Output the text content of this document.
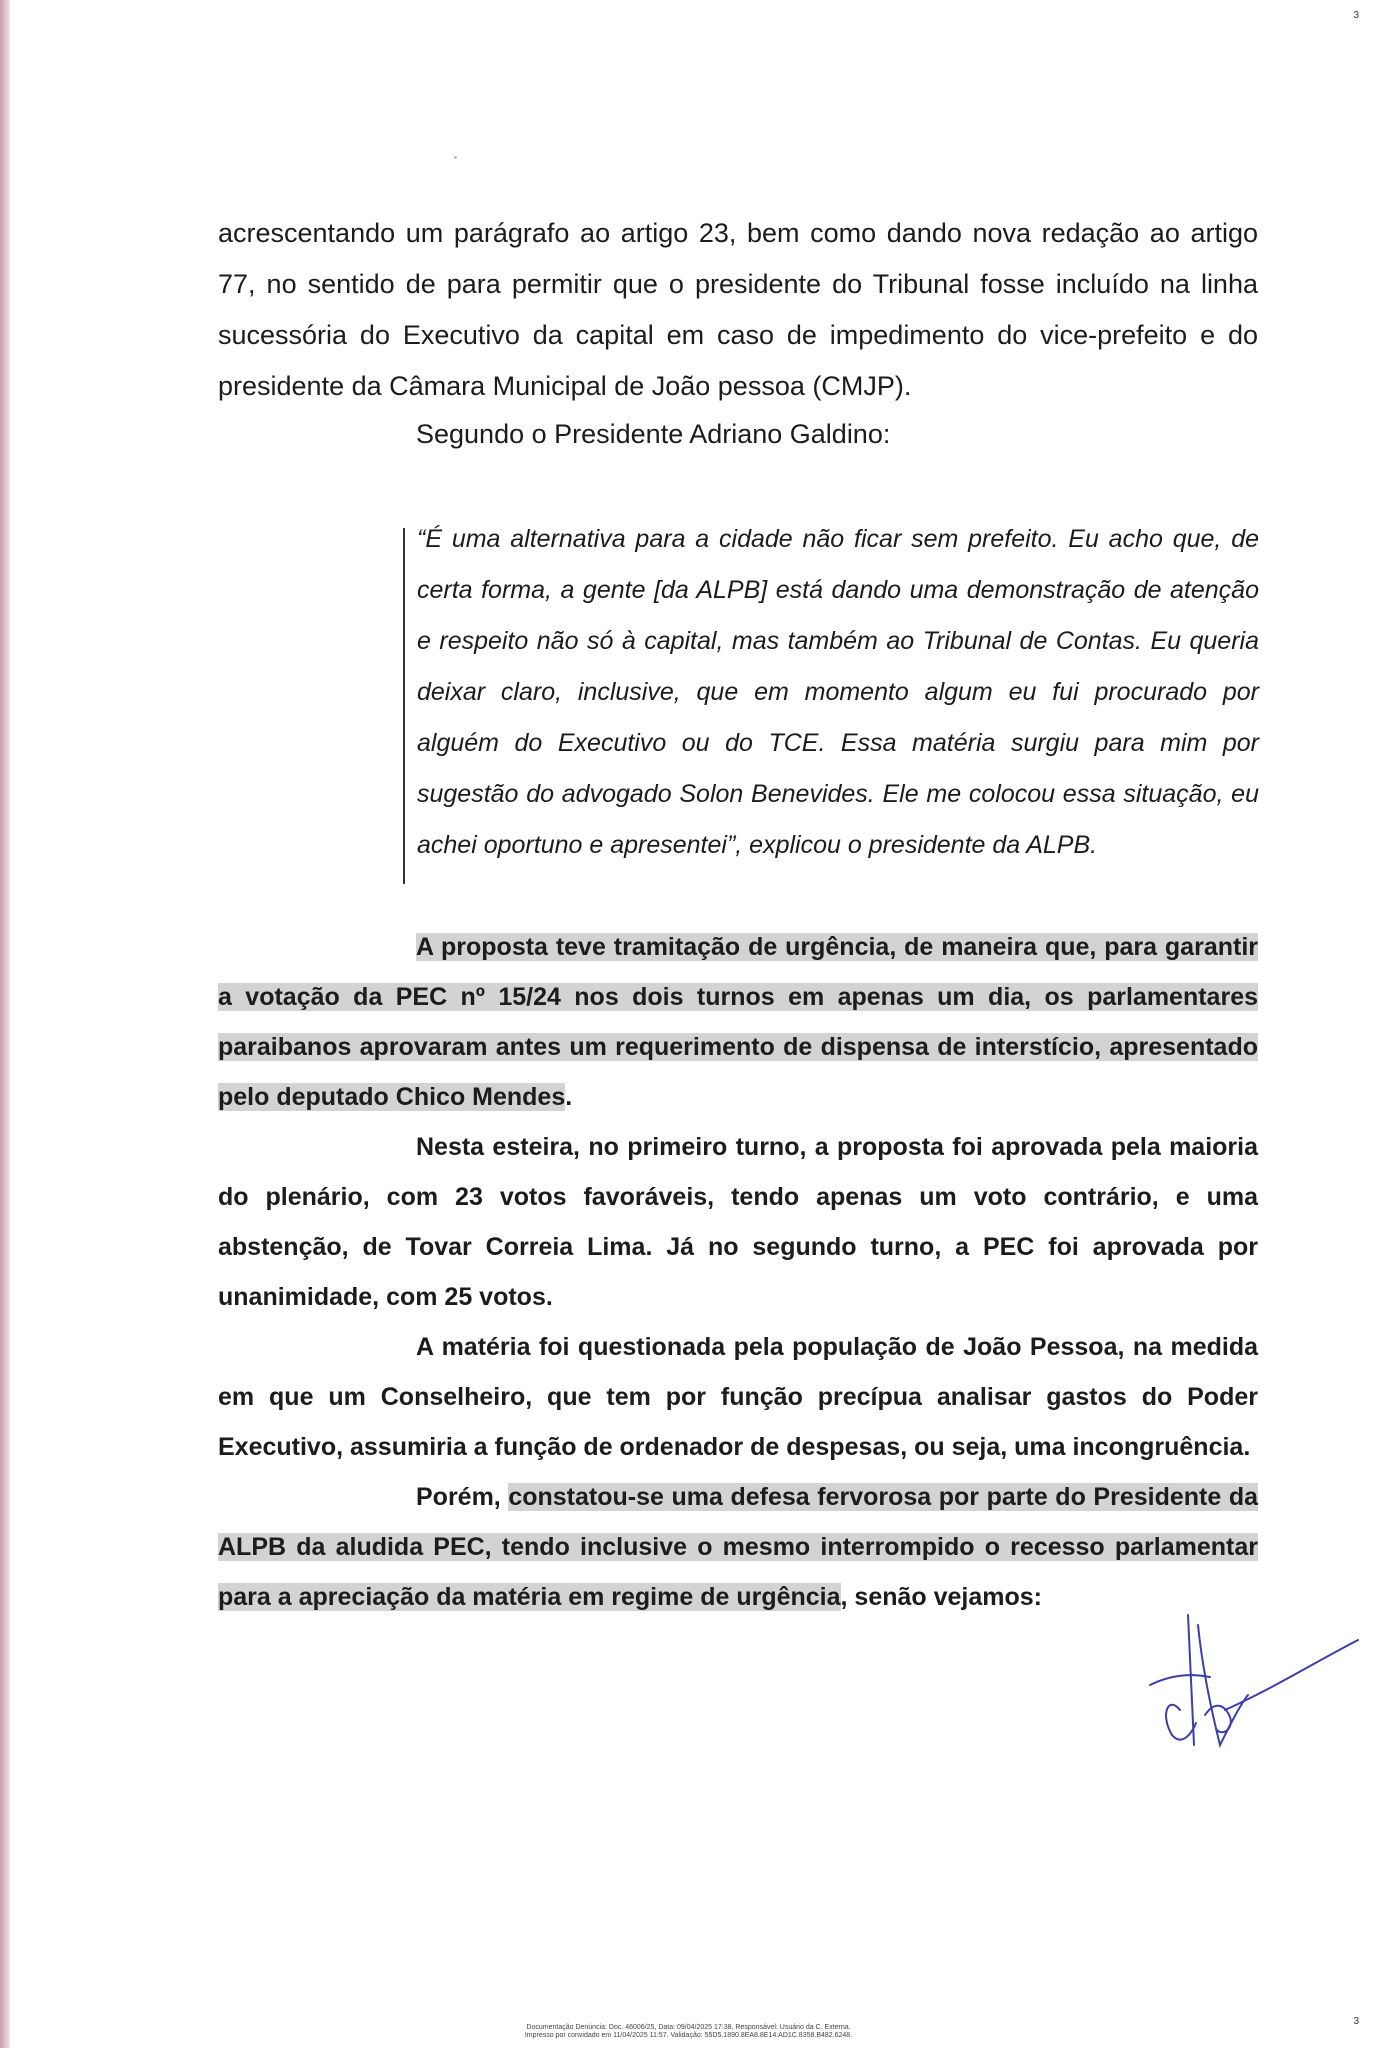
3

acrescentando um parágrafo ao artigo 23, bem como dando nova redação ao artigo 77, no sentido de para permitir que o presidente do Tribunal fosse incluído na linha sucessória do Executivo da capital em caso de impedimento do vice-prefeito e do presidente da Câmara Municipal de João pessoa (CMJP).

Segundo o Presidente Adriano Galdino:

“É uma alternativa para a cidade não ficar sem prefeito. Eu acho que, de certa forma, a gente [da ALPB] está dando uma demonstração de atenção e respeito não só à capital, mas também ao Tribunal de Contas. Eu queria deixar claro, inclusive, que em momento algum eu fui procurado por alguém do Executivo ou do TCE. Essa matéria surgiu para mim por sugestão do advogado Solon Benevides. Ele me colocou essa situação, eu achei oportuno e apresentei”, explicou o presidente da ALPB.

A proposta teve tramitação de urgência, de maneira que, para garantir a votação da PEC nº 15/24 nos dois turnos em apenas um dia, os parlamentares paraibanos aprovaram antes um requerimento de dispensa de interstício, apresentado pelo deputado Chico Mendes.

Nesta esteira, no primeiro turno, a proposta foi aprovada pela maioria do plenário, com 23 votos favoráveis, tendo apenas um voto contrário, e uma abstenção, de Tovar Correia Lima. Já no segundo turno, a PEC foi aprovada por unanimidade, com 25 votos.

A matéria foi questionada pela população de João Pessoa, na medida em que um Conselheiro, que tem por função precípua analisar gastos do Poder Executivo, assumiria a função de ordenador de despesas, ou seja, uma incongruência.

Porém, constatou-se uma defesa fervorosa por parte do Presidente da ALPB da aludida PEC, tendo inclusive o mesmo interrompido o recesso parlamentar para a apreciação da matéria em regime de urgência, senão vejamos:

Documentação Denúncia: Doc. 46006/25, Data: 09/04/2025 17:38, Responsável: Usuário da C. Externa.
Impresso por convidado em 11/04/2025 11:57. Validação: 55D5.1890.8EA8.8E14.AD1C.8358.B482.6248.
3
